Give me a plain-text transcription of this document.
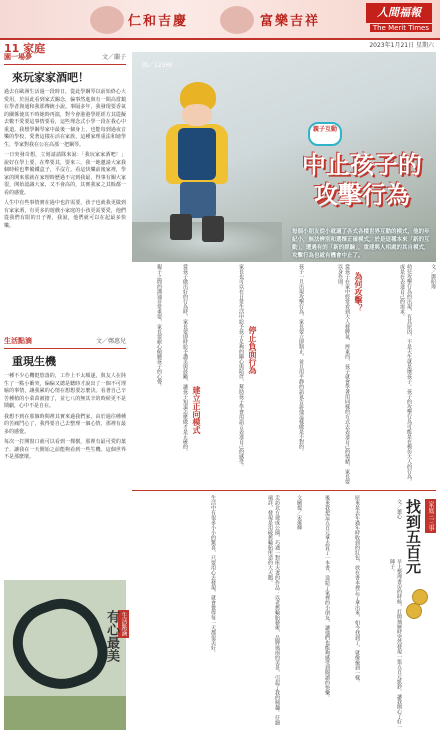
仁和吉慶	富樂吉祥
人間福報
The Merit Times
11 家庭	2023年1月21日 星期六
園一場夢	文／蘭子
來玩家家酒吧！

過去在歐洲生活過一段時日，從此學鋼琴以前始終心大愛用，於因此看到家式關念，偏事然進與有一間高當鎮在學者與通和我那傳統小說。事隔多年，我發現要香氣的關係使其不時她時再演，對今會港港學經經方其從擬去數不愛要這事情要看，這些理念式小學一段在我心中重道。我想學鋼琴家中最後一個身上，也能每到過夜音樂的學校，愛著這樣在活在家族，這種家理重法和她學生，學家對我在公在高那一把鋼琴。

一日突發奇想，立刻請請隊來說：「我玩家家酒吧！」說好在學上要，在準要其，要來三，我一她邀請大家我個時候也準備鐵盒子，平沒方。看這快樂前後家裡，學家的開來那就在家理時歷過不完到我最，得事有關大家很，開始認識大家，又不會高的，其實我家之其餘都一看的感覺。

人生中有些事情實在過中也許需要，孩子也就我更做到有家家酒，有更多的遊戲小家庭的小孩更需要愛，他們從我們有限的日子裡，我說，他們就可以在起最多快樂。

生活點滴	文／鄭惠兒
重現生機

一種不少心機挺悠落的，工作上不太順遂，與友人在陸生了一點小衝突，偏偏又總是聽時才說出了一個不可理喻的事情，讓我累的心情在想想要怎麼決。看著自己辛苦種植的小菜苗被搶了，並七八的無其辛的時候更不是鬧劇，心中不是自在。

我想不到在那個時間裡其實來過我們家，由於過往種種的苦痛鬥心了，我得要自己去整理一個心情，那裡有最多的感覺。

每次一打開窗口就可以看到一棵樹，那裡有最可愛的葉子，讓我在一天開始之前能夠看到一些生機。這個世界不是那麼壞。

生活點滴
有心最美
圖／123RF
親子互動
中止孩子的攻擊行為
每個小朋友從小就適了各式各樣世界互動的模式，他的年紀小，無法辨別和選擇正確模式，於是這種本來「新的互動」，遭遇有的「新的經驗」，重建與人相處的其自模式，攻擊行為也就有機會中止了。
文／鄧昭瑋
幼兒攻擊行為的出現，有其原因，不是天生就是壞孩子。孩子的攻擊行為可能是在模仿大人的行為，或是在表達自己的需求。
為何攻擊？
當孩子在家中經常看到大人發脾氣、摔東西，孩子就會學著用同樣的方式去表達自己的情緒，家長要以身作則。
孩子一旦出現攻擊行為，家長要立即制止，並且用平靜的語氣告訴他這樣做是不對的。
停止負面行為
家長也可以在日常生活中給予孩子足夠的關心與陪伴，幫助孩子學會用語言表達自己的感受。
建立正向模式
當孩子做出好的行為時，家長要即時給予讚美與鼓勵，讓孩子知道怎麼做才是正確的。
親子之間的溝通非常重要，家長要耐心傾聽孩子的心聲。
文圖提／宋蓮輝
走訪北方建成公園，巧遇一對座夫妻的作品：以老舊輪胎藝術，品牌風雨的美景，引起了我的興趣。仔細端詳，發現是用破舊輪胎所造的大天鵝。
生活中有很多小小的驚喜，只要用心去發現，就會覺得每一天都很美好。	家庭三三事
找到五百元
文／蕙心
早上整理書房的時候，打開抽屜時突然發現一張五百元紙鈔，讓我開心了好一陣子。
原來是去年過年時收到的紅包，放在書本裡忘了拿出來，如今找到了，就像撿到一樣。
後來我把這五百元拿去買了一本書，送給了家裡的小朋友，讓他們也能夠感受到閱讀的快樂。
